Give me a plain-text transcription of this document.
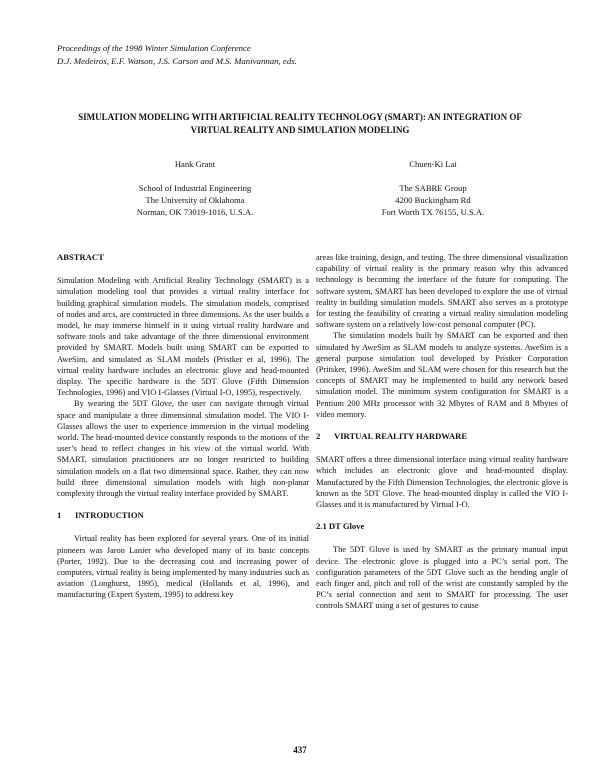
Proceedings of the 1998 Winter Simulation Conference
D.J. Medeiros, E.F. Watson, J.S. Carson and M.S. Manivannan, eds.
SIMULATION MODELING WITH ARTIFICIAL REALITY TECHNOLOGY (SMART): AN INTEGRATION OF
VIRTUAL REALITY AND SIMULATION MODELING
Hank Grant
School of Industrial Engineering
The University of Oklahoma
Norman, OK 73019-1016, U.S.A.
Chuen-Ki Lai
The SABRE Group
4200 Buckingham Rd
Fort Worth TX 76155, U.S.A.
ABSTRACT

Simulation Modeling with Artificial Reality Technology (SMART) is a simulation modeling tool that provides a virtual reality interface for building graphical simulation models. The simulation models, comprised of nodes and arcs, are constructed in three dimensions. As the user builds a model, he may immerse himself in it using virtual reality hardware and software tools and take advantage of the three dimensional environment provided by SMART. Models built using SMART can be exported to AweSim, and simulated as SLAM models (Pristker et al, 1996). The virtual reality hardware includes an electronic glove and head-mounted display. The specific hardware is the 5DT Glove (Fifth Dimension Technologies, 1996) and VIO I-Glasses (Virtual I-O, 1995), respectively.

By wearing the 5DT Glove, the user can navigate through virtual space and manipulate a three dimensional simulation model. The VIO I-Glasses allows the user to experience immersion in the virtual modeling world. The head-mounted device constantly responds to the motions of the user’s head to reflect changes in his view of the virtual world. With SMART, simulation practitioners are no longer restricted to building simulation models on a flat two dimensional space. Rather, they can now build three dimensional simulation models with high non-planar complexity through the virtual reality interface provided by SMART.

1 INTRODUCTION

Virtual reality has been explored for several years. One of its initial pioneers was Jaron Lanier who developed many of its basic concepts (Porter, 1992). Due to the decreasing cost and increasing power of computers, virtual reality is being implemented by many industries such as aviation (Longhurst, 1995), medical (Hollands et al, 1996), and manufacturing (Expert System, 1995) to address key

areas like training, design, and testing. The three dimensional visualization capability of virtual reality is the primary reason why this advanced technology is becoming the interface of the future for computing. The software system, SMART has been developed to explore the use of virtual reality in building simulation models. SMART also serves as a prototype for testing the feasibility of creating a virtual reality simulation modeling software system on a relatively low-cost personal computer (PC).

The simulation models built by SMART can be exported and then simulated by AweSim as SLAM models to analyze systems. AweSim is a general purpose simulation tool developed by Pristker Corporation (Pritsker, 1996). AweSim and SLAM were chosen for this research but the concepts of SMART may be implemented to build any network based simulation model. The minimum system configuration for SMART is a Pentium 200 MHz processor with 32 Mbytes of RAM and 8 Mbytes of video memory.

2 VIRTUAL REALITY HARDWARE

SMART offers a three dimensional interface using virtual reality hardware which includes an electronic glove and head-mounted display. Manufactured by the Fifth Dimension Technologies, the electronic glove is known as the 5DT Glove. The head-mounted display is called the VIO I-Glasses and it is manufactured by Virtual I-O.

2.1 DT Glove

The 5DT Glove is used by SMART as the primary manual input device. The electronic glove is plugged into a PC’s serial port. The configuration parameters of the 5DT Glove such as the bending angle of each finger and, pitch and roll of the wrist are constantly sampled by the PC’s serial connection and sent to SMART for processing. The user controls SMART using a set of gestures to cause

437
